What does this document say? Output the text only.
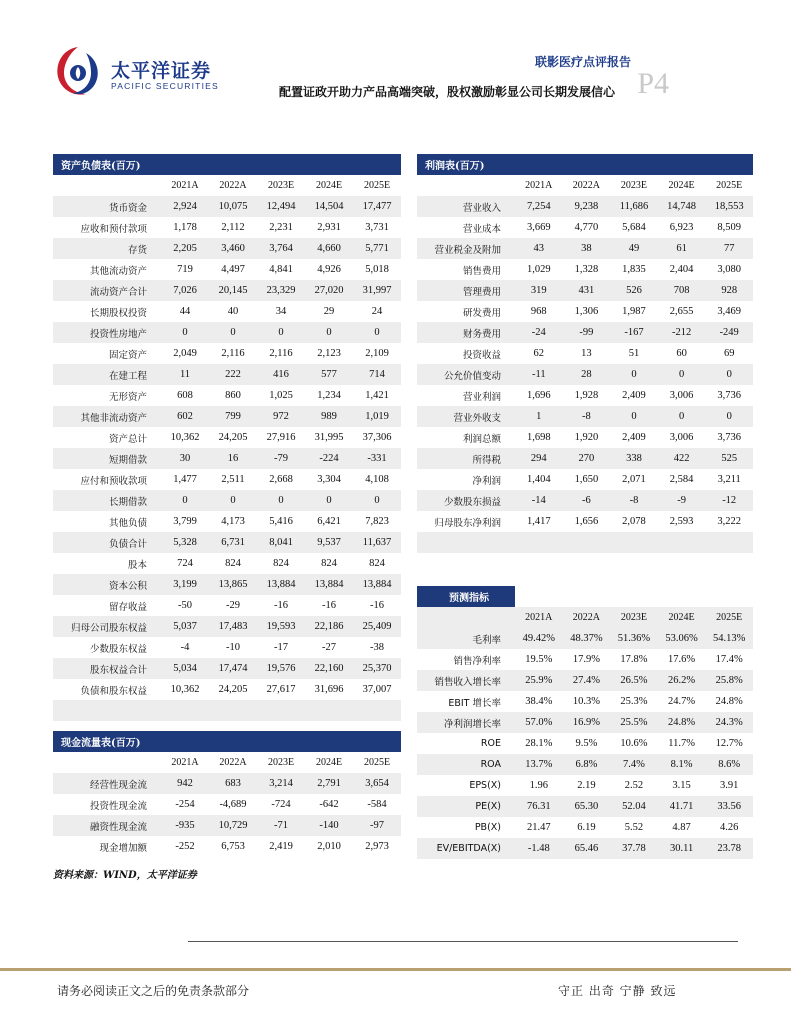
太平洋证券
PACIFIC SECURITIES
联影医疗点评报告
P4
配置证政开助力产品高端突破，股权激励彰显公司长期发展信心
资产负债表(百万)					
	2021A	2022A	2023E	2024E	2025E
货币资金	2,924	10,075	12,494	14,504	17,477
应收和预付款项	1,178	2,112	2,231	2,931	3,731
存货	2,205	3,460	3,764	4,660	5,771
其他流动资产	719	4,497	4,841	4,926	5,018
流动资产合计	7,026	20,145	23,329	27,020	31,997
长期股权投资	44	40	34	29	24
投资性房地产	0	0	0	0	0
固定资产	2,049	2,116	2,116	2,123	2,109
在建工程	11	222	416	577	714
无形资产	608	860	1,025	1,234	1,421
其他非流动资产	602	799	972	989	1,019
资产总计	10,362	24,205	27,916	31,995	37,306
短期借款	30	16	-79	-224	-331
应付和预收款项	1,477	2,511	2,668	3,304	4,108
长期借款	0	0	0	0	0
其他负债	3,799	4,173	5,416	6,421	7,823
负债合计	5,328	6,731	8,041	9,537	11,637
股本	724	824	824	824	824
资本公积	3,199	13,865	13,884	13,884	13,884
留存收益	-50	-29	-16	-16	-16
归母公司股东权益	5,037	17,483	19,593	22,186	25,409
少数股东权益	-4	-10	-17	-27	-38
股东权益合计	5,034	17,474	19,576	22,160	25,370
负债和股东权益	10,362	24,205	27,617	31,696	37,007

利润表(百万)					
	2021A	2022A	2023E	2024E	2025E
营业收入	7,254	9,238	11,686	14,748	18,553
营业成本	3,669	4,770	5,684	6,923	8,509
营业税金及附加	43	38	49	61	77
销售费用	1,029	1,328	1,835	2,404	3,080
管理费用	319	431	526	708	928
研发费用	968	1,306	1,987	2,655	3,469
财务费用	-24	-99	-167	-212	-249
投资收益	62	13	51	60	69
公允价值变动	-11	28	0	0	0
营业利润	1,696	1,928	2,409	3,006	3,736
营业外收支	1	-8	0	0	0
利润总额	1,698	1,920	2,409	3,006	3,736
所得税	294	270	338	422	525
净利润	1,404	1,650	2,071	2,584	3,211
少数股东损益	-14	-6	-8	-9	-12
归母股东净利润	1,417	1,656	2,078	2,593	3,222

预测指标					
	2021A	2022A	2023E	2024E	2025E
毛利率	49.42%	48.37%	51.36%	53.06%	54.13%
销售净利率	19.5%	17.9%	17.8%	17.6%	17.4%
销售收入增长率	25.9%	27.4%	26.5%	26.2%	25.8%
EBIT 增长率	38.4%	10.3%	25.3%	24.7%	24.8%
净利润增长率	57.0%	16.9%	25.5%	24.8%	24.3%
ROE	28.1%	9.5%	10.6%	11.7%	12.7%
ROA	13.7%	6.8%	7.4%	8.1%	8.6%
EPS(X)	1.96	2.19	2.52	3.15	3.91
PE(X)	76.31	65.30	52.04	41.71	33.56
PB(X)	21.47	6.19	5.52	4.87	4.26
EV/EBITDA(X)	-1.48	65.46	37.78	30.11	23.78
现金流量表(百万)					
	2021A	2022A	2023E	2024E	2025E
经营性现金流	942	683	3,214	2,791	3,654
投资性现金流	-254	-4,689	-724	-642	-584
融资性现金流	-935	10,729	-71	-140	-97
现金增加额	-252	6,753	2,419	2,010	2,973
资料来源：WIND，太平洋证券
请务必阅读正文之后的免责条款部分	守正 出奇 宁静 致远
